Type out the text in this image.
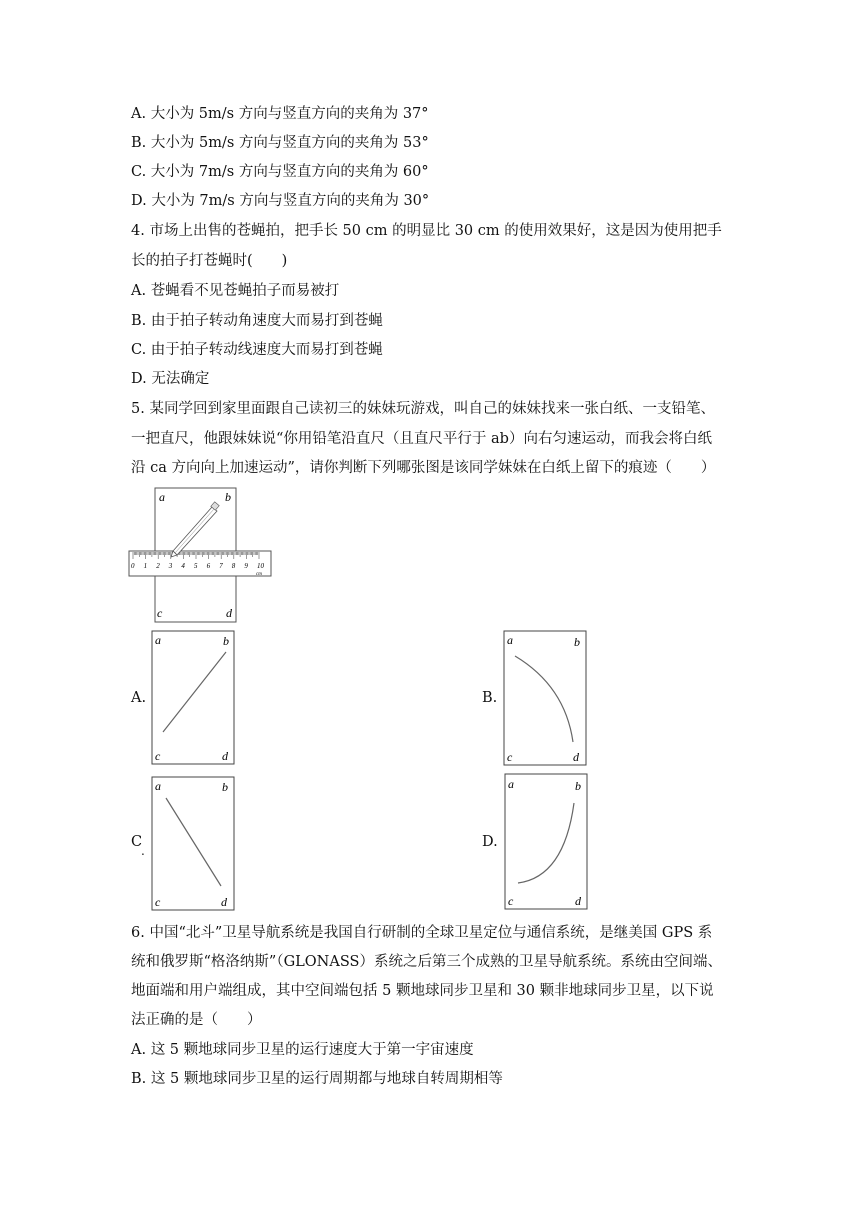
A. 大小为 5m/s 方向与竖直方向的夹角为 37°
B. 大小为 5m/s 方向与竖直方向的夹角为 53°
C. 大小为 7m/s 方向与竖直方向的夹角为 60°
D. 大小为 7m/s 方向与竖直方向的夹角为 30°
4. 市场上出售的苍蝇拍，把手长 50 cm 的明显比 30 cm 的使用效果好，这是因为使用把手
长的拍子打苍蝇时(　　)
A. 苍蝇看不见苍蝇拍子而易被打
B. 由于拍子转动角速度大而易打到苍蝇
C. 由于拍子转动线速度大而易打到苍蝇
D. 无法确定
5. 某同学回到家里面跟自己读初三的妹妹玩游戏，叫自己的妹妹找来一张白纸、一支铅笔、
一把直尺，他跟妹妹说“你用铅笔沿直尺（且直尺平行于 ab）向右匀速运动，而我会将白纸
沿 ca 方向向上加速运动”，请你判断下列哪张图是该同学妹妹在白纸上留下的痕迹（　　）
a	b
c	d
0 1 2 3 4 5 6 7 8 9 10
cm
A.
a	b
c	d
B.
a	b
c	d
C
.
a	b
c	d
D.
a	b
c	d
6. 中国“北斗”卫星导航系统是我国自行研制的全球卫星定位与通信系统，是继美国 GPS 系
统和俄罗斯“格洛纳斯”（GLONASS）系统之后第三个成熟的卫星导航系统。系统由空间端、
地面端和用户端组成，其中空间端包括 5 颗地球同步卫星和 30 颗非地球同步卫星，以下说
法正确的是（　　）
A. 这 5 颗地球同步卫星的运行速度大于第一宇宙速度
B. 这 5 颗地球同步卫星的运行周期都与地球自转周期相等
